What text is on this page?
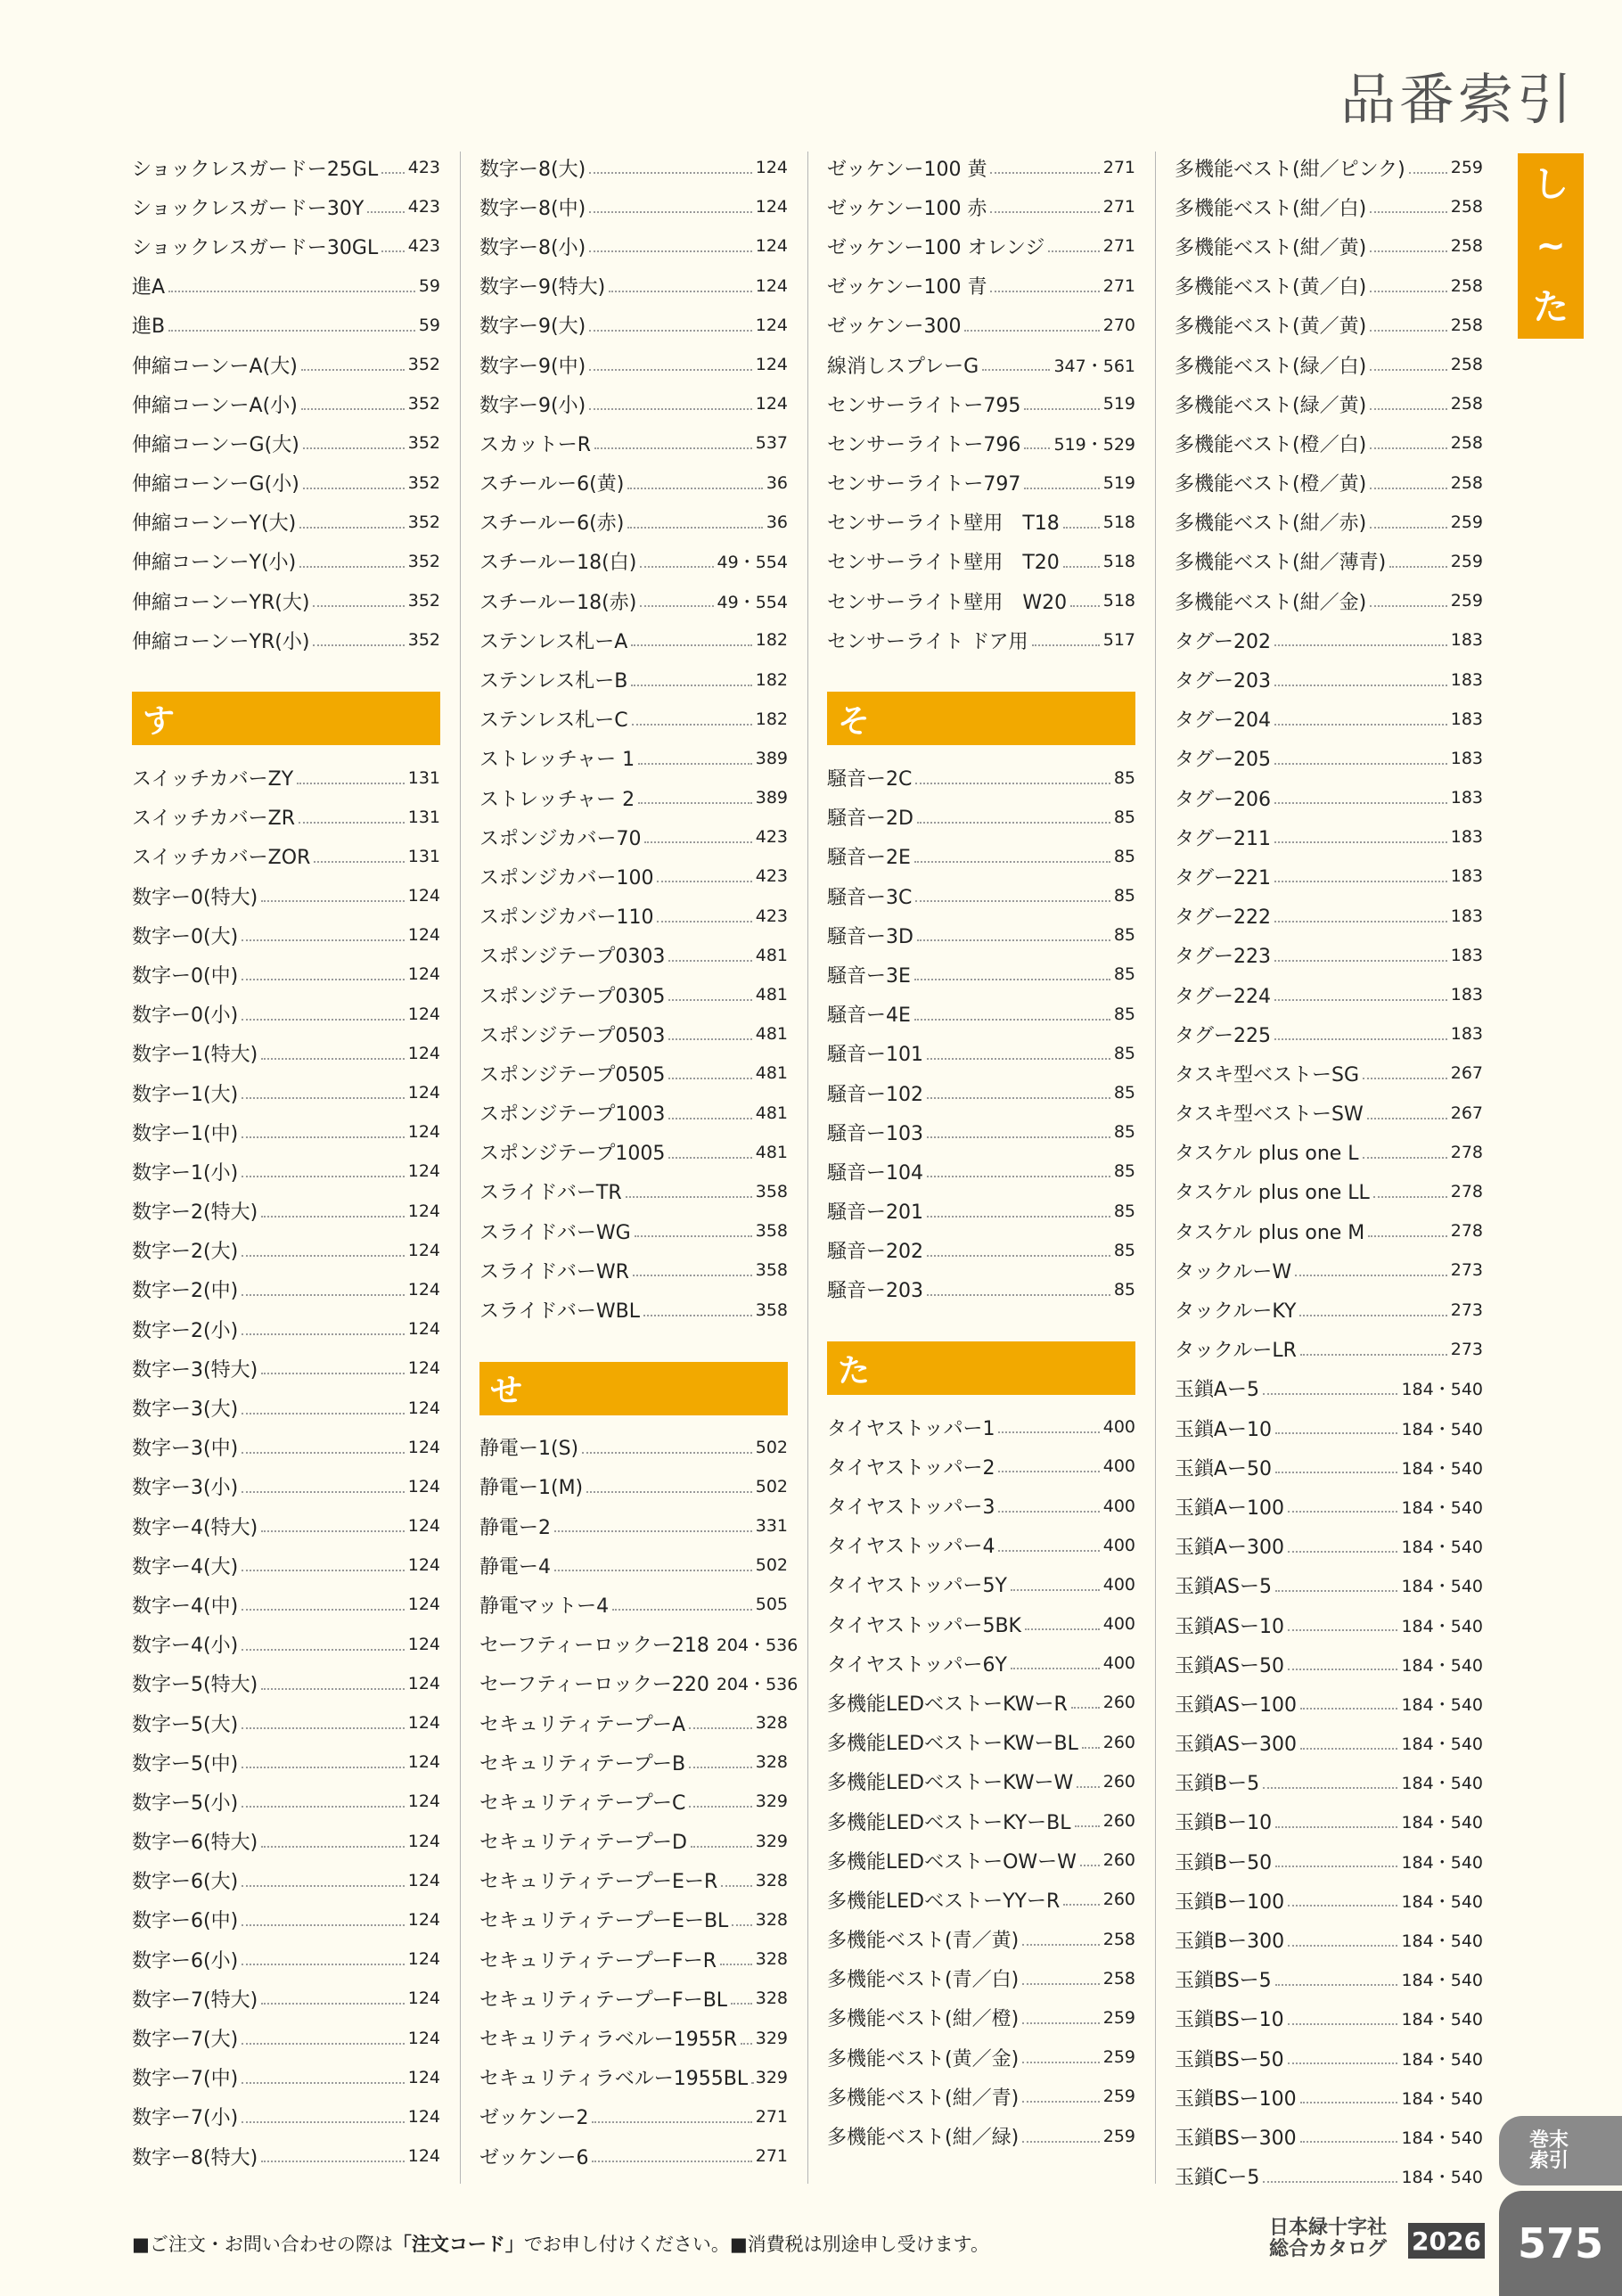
品番索引
し
~
た
ショックレスガードー25GL 423
ショックレスガードー30Y	423
ショックレスガードー30GL 423
進A	59
進B	59
伸縮コーンーA(大)	352
伸縮コーンーA(小)	352
伸縮コーンーG(大)	352
伸縮コーンーG(小)	352
伸縮コーンーY(大)	352
伸縮コーンーY(小)	352
伸縮コーンーYR(大)	352
伸縮コーンーYR(小)	352
す
スイッチカバーZY	131
スイッチカバーZR	131
スイッチカバーZOR	131
数字ー0(特大)	124
数字ー0(大)	124
数字ー0(中)	124
数字ー0(小)	124
数字ー1(特大)	124
数字ー1(大)	124
数字ー1(中)	124
数字ー1(小)	124
数字ー2(特大)	124
数字ー2(大)	124
数字ー2(中)	124
数字ー2(小)	124
数字ー3(特大)	124
数字ー3(大)	124
数字ー3(中)	124
数字ー3(小)	124
数字ー4(特大)	124
数字ー4(大)	124
数字ー4(中)	124
数字ー4(小)	124
数字ー5(特大)	124
数字ー5(大)	124
数字ー5(中)	124
数字ー5(小)	124
数字ー6(特大)	124
数字ー6(大)	124
数字ー6(中)	124
数字ー6(小)	124
数字ー7(特大)	124
数字ー7(大)	124
数字ー7(中)	124
数字ー7(小)	124
数字ー8(特大)	124
数字ー8(大)	124
数字ー8(中)	124
数字ー8(小)	124
数字ー9(特大)	124
数字ー9(大)	124
数字ー9(中)	124
数字ー9(小)	124
スカットーR	537
スチールー6(黄)	36
スチールー6(赤)	36
スチールー18(白)	49・554
スチールー18(赤)	49・554
ステンレス札ーA	182
ステンレス札ーB	182
ステンレス札ーC	182
ストレッチャー 1	389
ストレッチャー 2	389
スポンジカバー70	423
スポンジカバー100	423
スポンジカバー110	423
スポンジテープ0303	481
スポンジテープ0305	481
スポンジテープ0503	481
スポンジテープ0505	481
スポンジテープ1003	481
スポンジテープ1005	481
スライドバーTR	358
スライドバーWG	358
スライドバーWR	358
スライドバーWBL	358
せ
静電ー1(S)	502
静電ー1(M)	502
静電ー2	331
静電ー4	502
静電マットー4	505
セーフティーロックー218 204・536
セーフティーロックー220 204・536
セキュリティテープーA	328
セキュリティテープーB	328
セキュリティテープーC	329
セキュリティテープーD	329
セキュリティテープーEーR 328
セキュリティテープーEーBL 328
セキュリティテープーFーR 328
セキュリティテープーFーBL 328
セキュリティラベルー1955R 329
セキュリティラベルー1955BL 329
ゼッケンー2	271
ゼッケンー6	271
ゼッケンー100 黄	271
ゼッケンー100 赤	271
ゼッケンー100 オレンジ	271
ゼッケンー100 青	271
ゼッケンー300	270
線消しスプレーG	347・561
センサーライトー795	519
センサーライトー796 519・529
センサーライトー797	519
センサーライト壁用　T18	518
センサーライト壁用　T20	518
センサーライト壁用　W20 518
センサーライト ドア用	517
そ
騒音ー2C	85
騒音ー2D	85
騒音ー2E	85
騒音ー3C	85
騒音ー3D	85
騒音ー3E	85
騒音ー4E	85
騒音ー101	85
騒音ー102	85
騒音ー103	85
騒音ー104	85
騒音ー201	85
騒音ー202	85
騒音ー203	85
た
タイヤストッパー1	400
タイヤストッパー2	400
タイヤストッパー3	400
タイヤストッパー4	400
タイヤストッパー5Y	400
タイヤストッパー5BK	400
タイヤストッパー6Y	400
多機能LEDベストーKWーR 260
多機能LEDベストーKWーBL 260
多機能LEDベストーKWーW 260
多機能LEDベストーKYーBL 260
多機能LEDベストーOWーW 260
多機能LEDベストーYYーR	260
多機能ベスト(青／黄)	258
多機能ベスト(青／白)	258
多機能ベスト(紺／橙)	259
多機能ベスト(黄／金)	259
多機能ベスト(紺／青)	259
多機能ベスト(紺／緑)	259
多機能ベスト(紺／ピンク)	259
多機能ベスト(紺／白)	258
多機能ベスト(紺／黄)	258
多機能ベスト(黄／白)	258
多機能ベスト(黄／黄)	258
多機能ベスト(緑／白)	258
多機能ベスト(緑／黄)	258
多機能ベスト(橙／白)	258
多機能ベスト(橙／黄)	258
多機能ベスト(紺／赤)	259
多機能ベスト(紺／薄青)	259
多機能ベスト(紺／金)	259
タグー202	183
タグー203	183
タグー204	183
タグー205	183
タグー206	183
タグー211	183
タグー221	183
タグー222	183
タグー223	183
タグー224	183
タグー225	183
タスキ型ベストーSG	267
タスキ型ベストーSW	267
タスケル plus one L	278
タスケル plus one LL	278
タスケル plus one M	278
タックルーW	273
タックルーKY	273
タックルーLR	273
玉鎖Aー5	184・540
玉鎖Aー10	184・540
玉鎖Aー50	184・540
玉鎖Aー100	184・540
玉鎖Aー300	184・540
玉鎖ASー5	184・540
玉鎖ASー10	184・540
玉鎖ASー50	184・540
玉鎖ASー100	184・540
玉鎖ASー300	184・540
玉鎖Bー5	184・540
玉鎖Bー10	184・540
玉鎖Bー50	184・540
玉鎖Bー100	184・540
玉鎖Bー300	184・540
玉鎖BSー5	184・540
玉鎖BSー10	184・540
玉鎖BSー50	184・540
玉鎖BSー100	184・540
玉鎖BSー300	184・540
玉鎖Cー5	184・540
巻末
索引
575
■ご注文・お問い合わせの際は「注文コード」でお申し付けください。■消費税は別途申し受けます。
日本緑十字社
総合カタログ 2026
